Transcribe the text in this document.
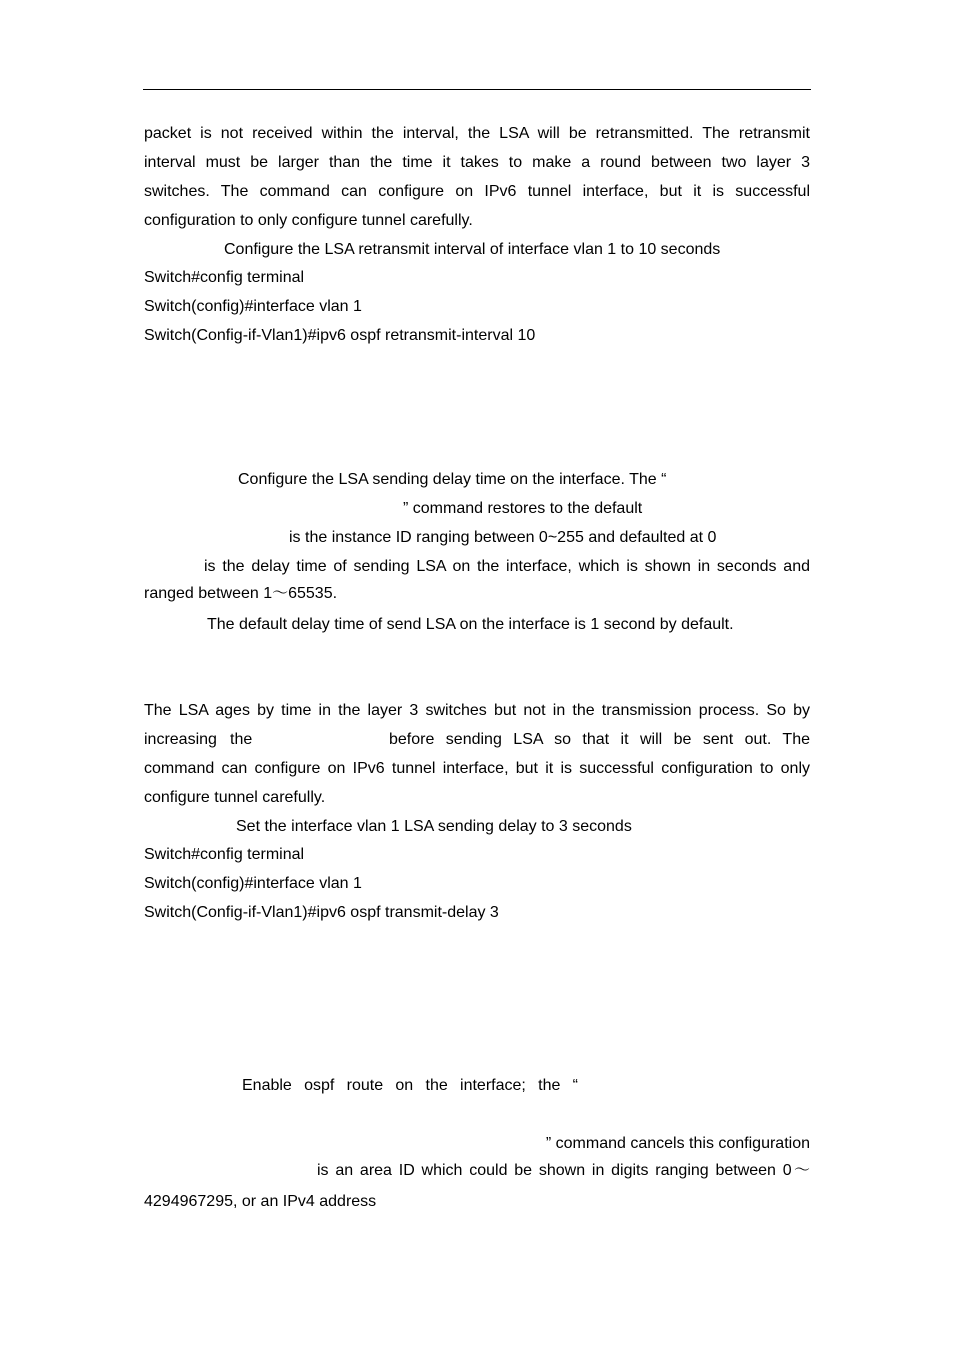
packet is not received within the interval, the LSA will be retransmitted. The retransmit
interval must be larger than the time it takes to make a round between two layer 3
switches. The command can configure on IPv6 tunnel interface, but it is successful
configuration to only configure tunnel carefully.
Configure the LSA retransmit interval of interface vlan 1 to 10 seconds
Switch#config terminal
Switch(config)#interface vlan 1
Switch(Config-if-Vlan1)#ipv6 ospf retransmit-interval 10
Configure the LSA sending delay time on the interface. The “
” command restores to the default
is the instance ID ranging between 0~255 and defaulted at 0
is the delay time of sending LSA on the interface, which is shown in seconds and
ranged between 1～65535.
The default delay time of send LSA on the interface is 1 second by default.
The LSA ages by time in the layer 3 switches but not in the transmission process. So by
increasing the	before sending LSA so that it will be sent out. The
command can configure on IPv6 tunnel interface, but it is successful configuration to only
configure tunnel carefully.
Set the interface vlan 1 LSA sending delay to 3 seconds
Switch#config terminal
Switch(config)#interface vlan 1
Switch(Config-if-Vlan1)#ipv6 ospf transmit-delay 3
Enable ospf route on the interface; the “
” command cancels this configuration
is an area ID which could be shown in digits ranging between 0～
4294967295, or an IPv4 address
